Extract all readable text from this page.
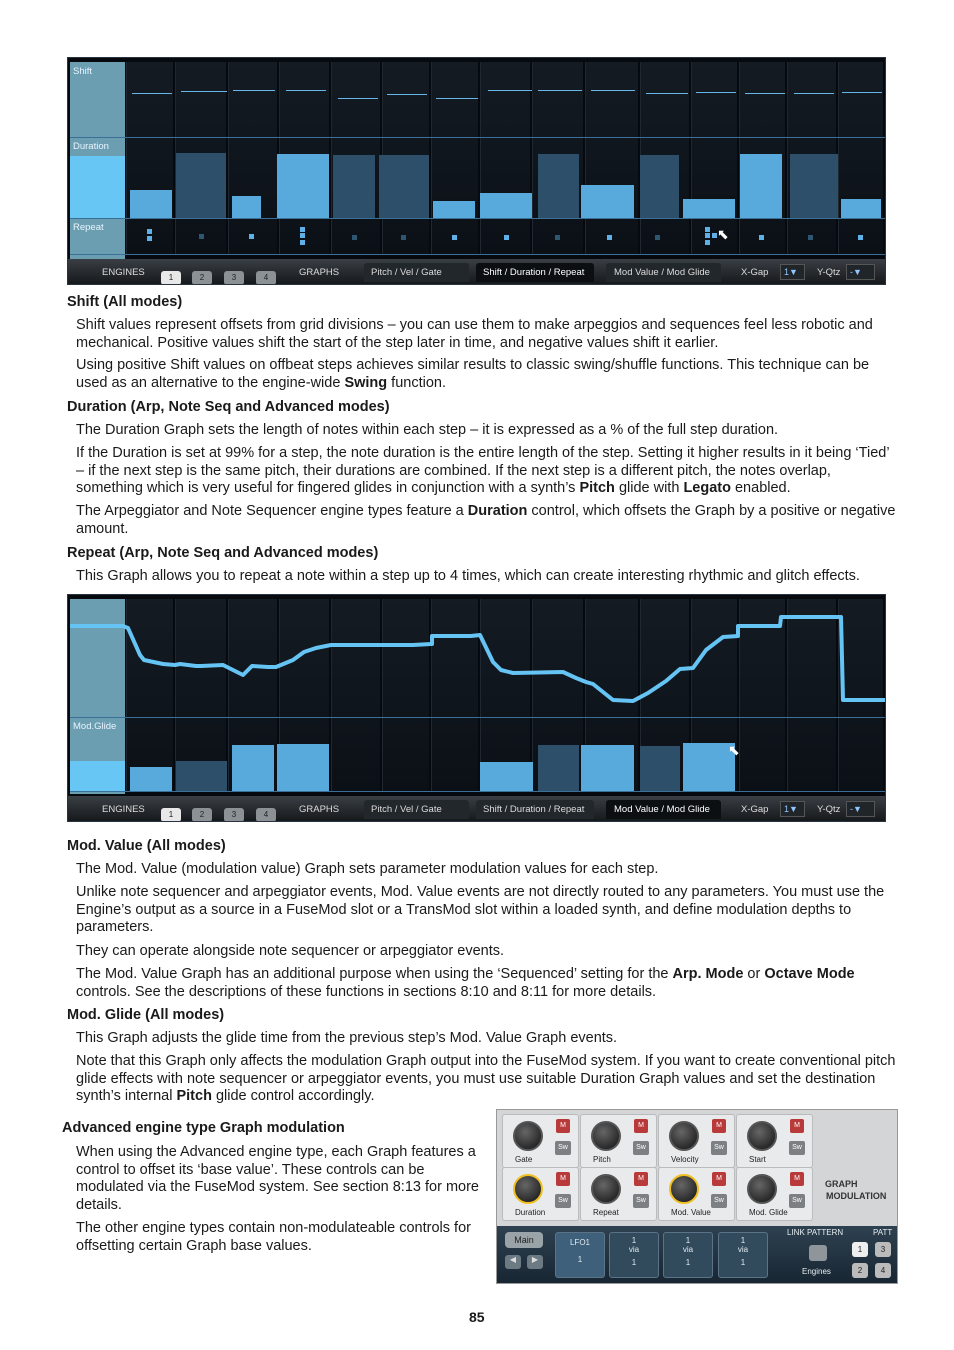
Shift
Duration
Repeat	⬉
ENGINES	1	2	3	4	GRAPHS	Pitch / Vel / Gate	Shift / Duration / Repeat	Mod Value / Mod Glide	X-Gap	1▼	Y-Qtz	-▼
Shift (All modes)
Shift values represent offsets from grid divisions – you can use them to make arpeggios and sequences feel less robotic and mechanical. Positive values shift the start of the step later in time, and negative values shift it earlier.
Using positive Shift values on offbeat steps achieves similar results to classic swing/shuffle functions. This technique can be used as an alternative to the engine-wide Swing function.
Duration (Arp, Note Seq and Advanced modes)
The Duration Graph sets the length of notes within each step – it is expressed as a % of the full step duration.
If the Duration is set at 99% for a step, the note duration is the entire length of the step. Setting it higher results in it being ‘Tied’ – if the next step is the same pitch, their durations are combined. If the next step is a different pitch, the notes overlap, something which is very useful for fingered glides in conjunction with a synth’s Pitch glide with Legato enabled.
The Arpeggiator and Note Sequencer engine types feature a Duration control, which offsets the Graph by a positive or negative amount.
Repeat (Arp, Note Seq and Advanced modes)
This Graph allows you to repeat a note within a step up to 4 times, which can create interesting rhythmic and glitch effects.
Mod.Glide
⬉
ENGINES	1	2	3	4	GRAPHS	Pitch / Vel / Gate	Shift / Duration / Repeat	Mod Value / Mod Glide	X-Gap	1▼	Y-Qtz	-▼
Mod. Value (All modes)
The Mod. Value (modulation value) Graph sets parameter modulation values for each step.
Unlike note sequencer and arpeggiator events, Mod. Value events are not directly routed to any parameters. You must use the Engine’s output as a source in a FuseMod slot or a TransMod slot within a loaded synth, and define modulation depths to parameters.
They can operate alongside note sequencer or arpeggiator events.
The Mod. Value Graph has an additional purpose when using the ‘Sequenced’ setting for the Arp. Mode or Octave Mode controls. See the descriptions of these functions in sections 8:10 and 8:11 for more details.
Mod. Glide (All modes)
This Graph adjusts the glide time from the previous step’s Mod. Value Graph events.
Note that this Graph only affects the modulation Graph output into the FuseMod system. If you want to create conventional pitch glide effects with note sequencer or arpeggiator events, you must use suitable Duration Graph values and set the destination synth’s internal Pitch glide control accordingly.
Advanced engine type Graph modulation
When using the Advanced engine type, each Graph features a control to offset its ‘base value’. These controls can be modulated via the FuseMod system. See section 8:13 for more details.
The other engine types contain non-modulateable controls for offsetting certain Graph base values.
M
Sw
Gate
M
Sw
Pitch
M
Sw
Velocity
M
Sw
Start
M
Sw
Duration
M
Sw
Repeat
M
Sw
Mod. Value
M
Sw
Mod. Glide
GRAPH
MODULATION
Main
◀	▶
LFO1
1
1
via
1
1
via
1
1
via
1
LINK PATTERN	PATT
Engines
1	3
2	4
85
